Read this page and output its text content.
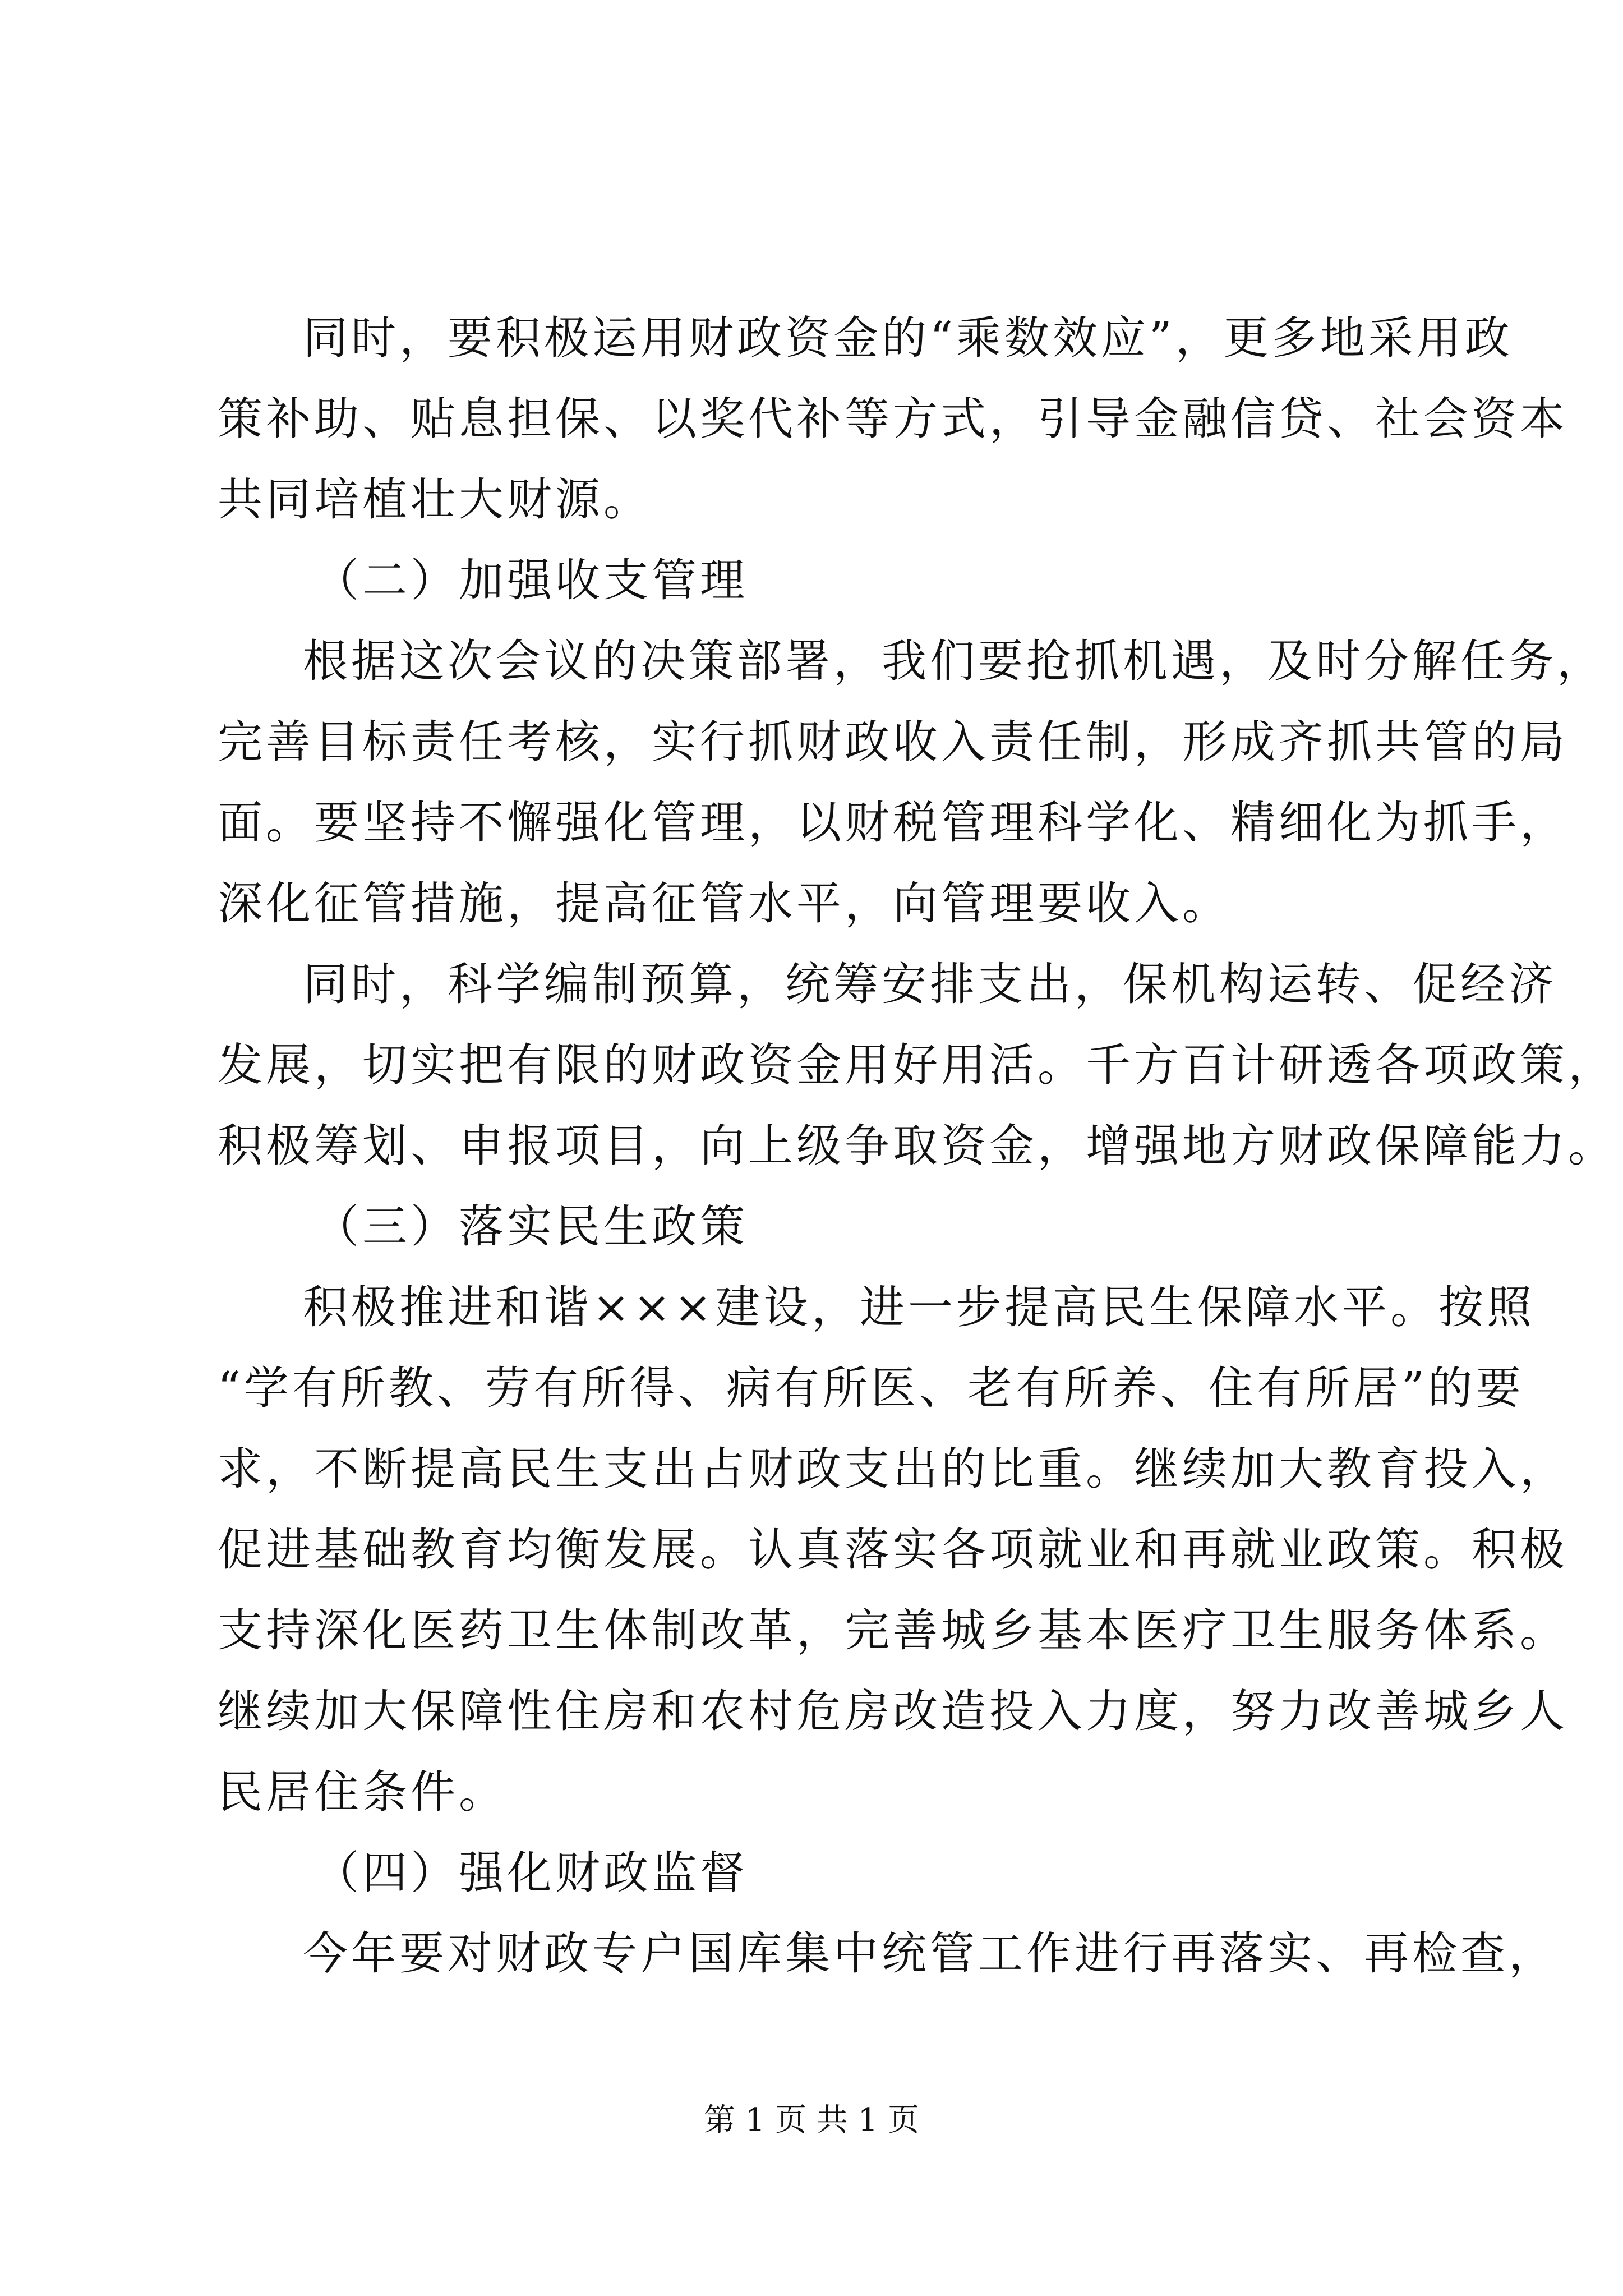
同时，要积极运用财政资金的“乘数效应”，更多地采用政
策补助、贴息担保、以奖代补等方式，引导金融信贷、社会资本
共同培植壮大财源。
（二）加强收支管理
根据这次会议的决策部署，我们要抢抓机遇，及时分解任务，
完善目标责任考核，实行抓财政收入责任制，形成齐抓共管的局
面。要坚持不懈强化管理，以财税管理科学化、精细化为抓手，
深化征管措施，提高征管水平，向管理要收入。
同时，科学编制预算，统筹安排支出，保机构运转、促经济
发展，切实把有限的财政资金用好用活。千方百计研透各项政策，
积极筹划、申报项目，向上级争取资金，增强地方财政保障能力。
（三）落实民生政策
积极推进和谐×××建设，进一步提高民生保障水平。按照
“学有所教、劳有所得、病有所医、老有所养、住有所居”的要
求，不断提高民生支出占财政支出的比重。继续加大教育投入，
促进基础教育均衡发展。认真落实各项就业和再就业政策。积极
支持深化医药卫生体制改革，完善城乡基本医疗卫生服务体系。
继续加大保障性住房和农村危房改造投入力度，努力改善城乡人
民居住条件。
（四）强化财政监督
今年要对财政专户国库集中统管工作进行再落实、再检查，
第 1 页 共 1 页
